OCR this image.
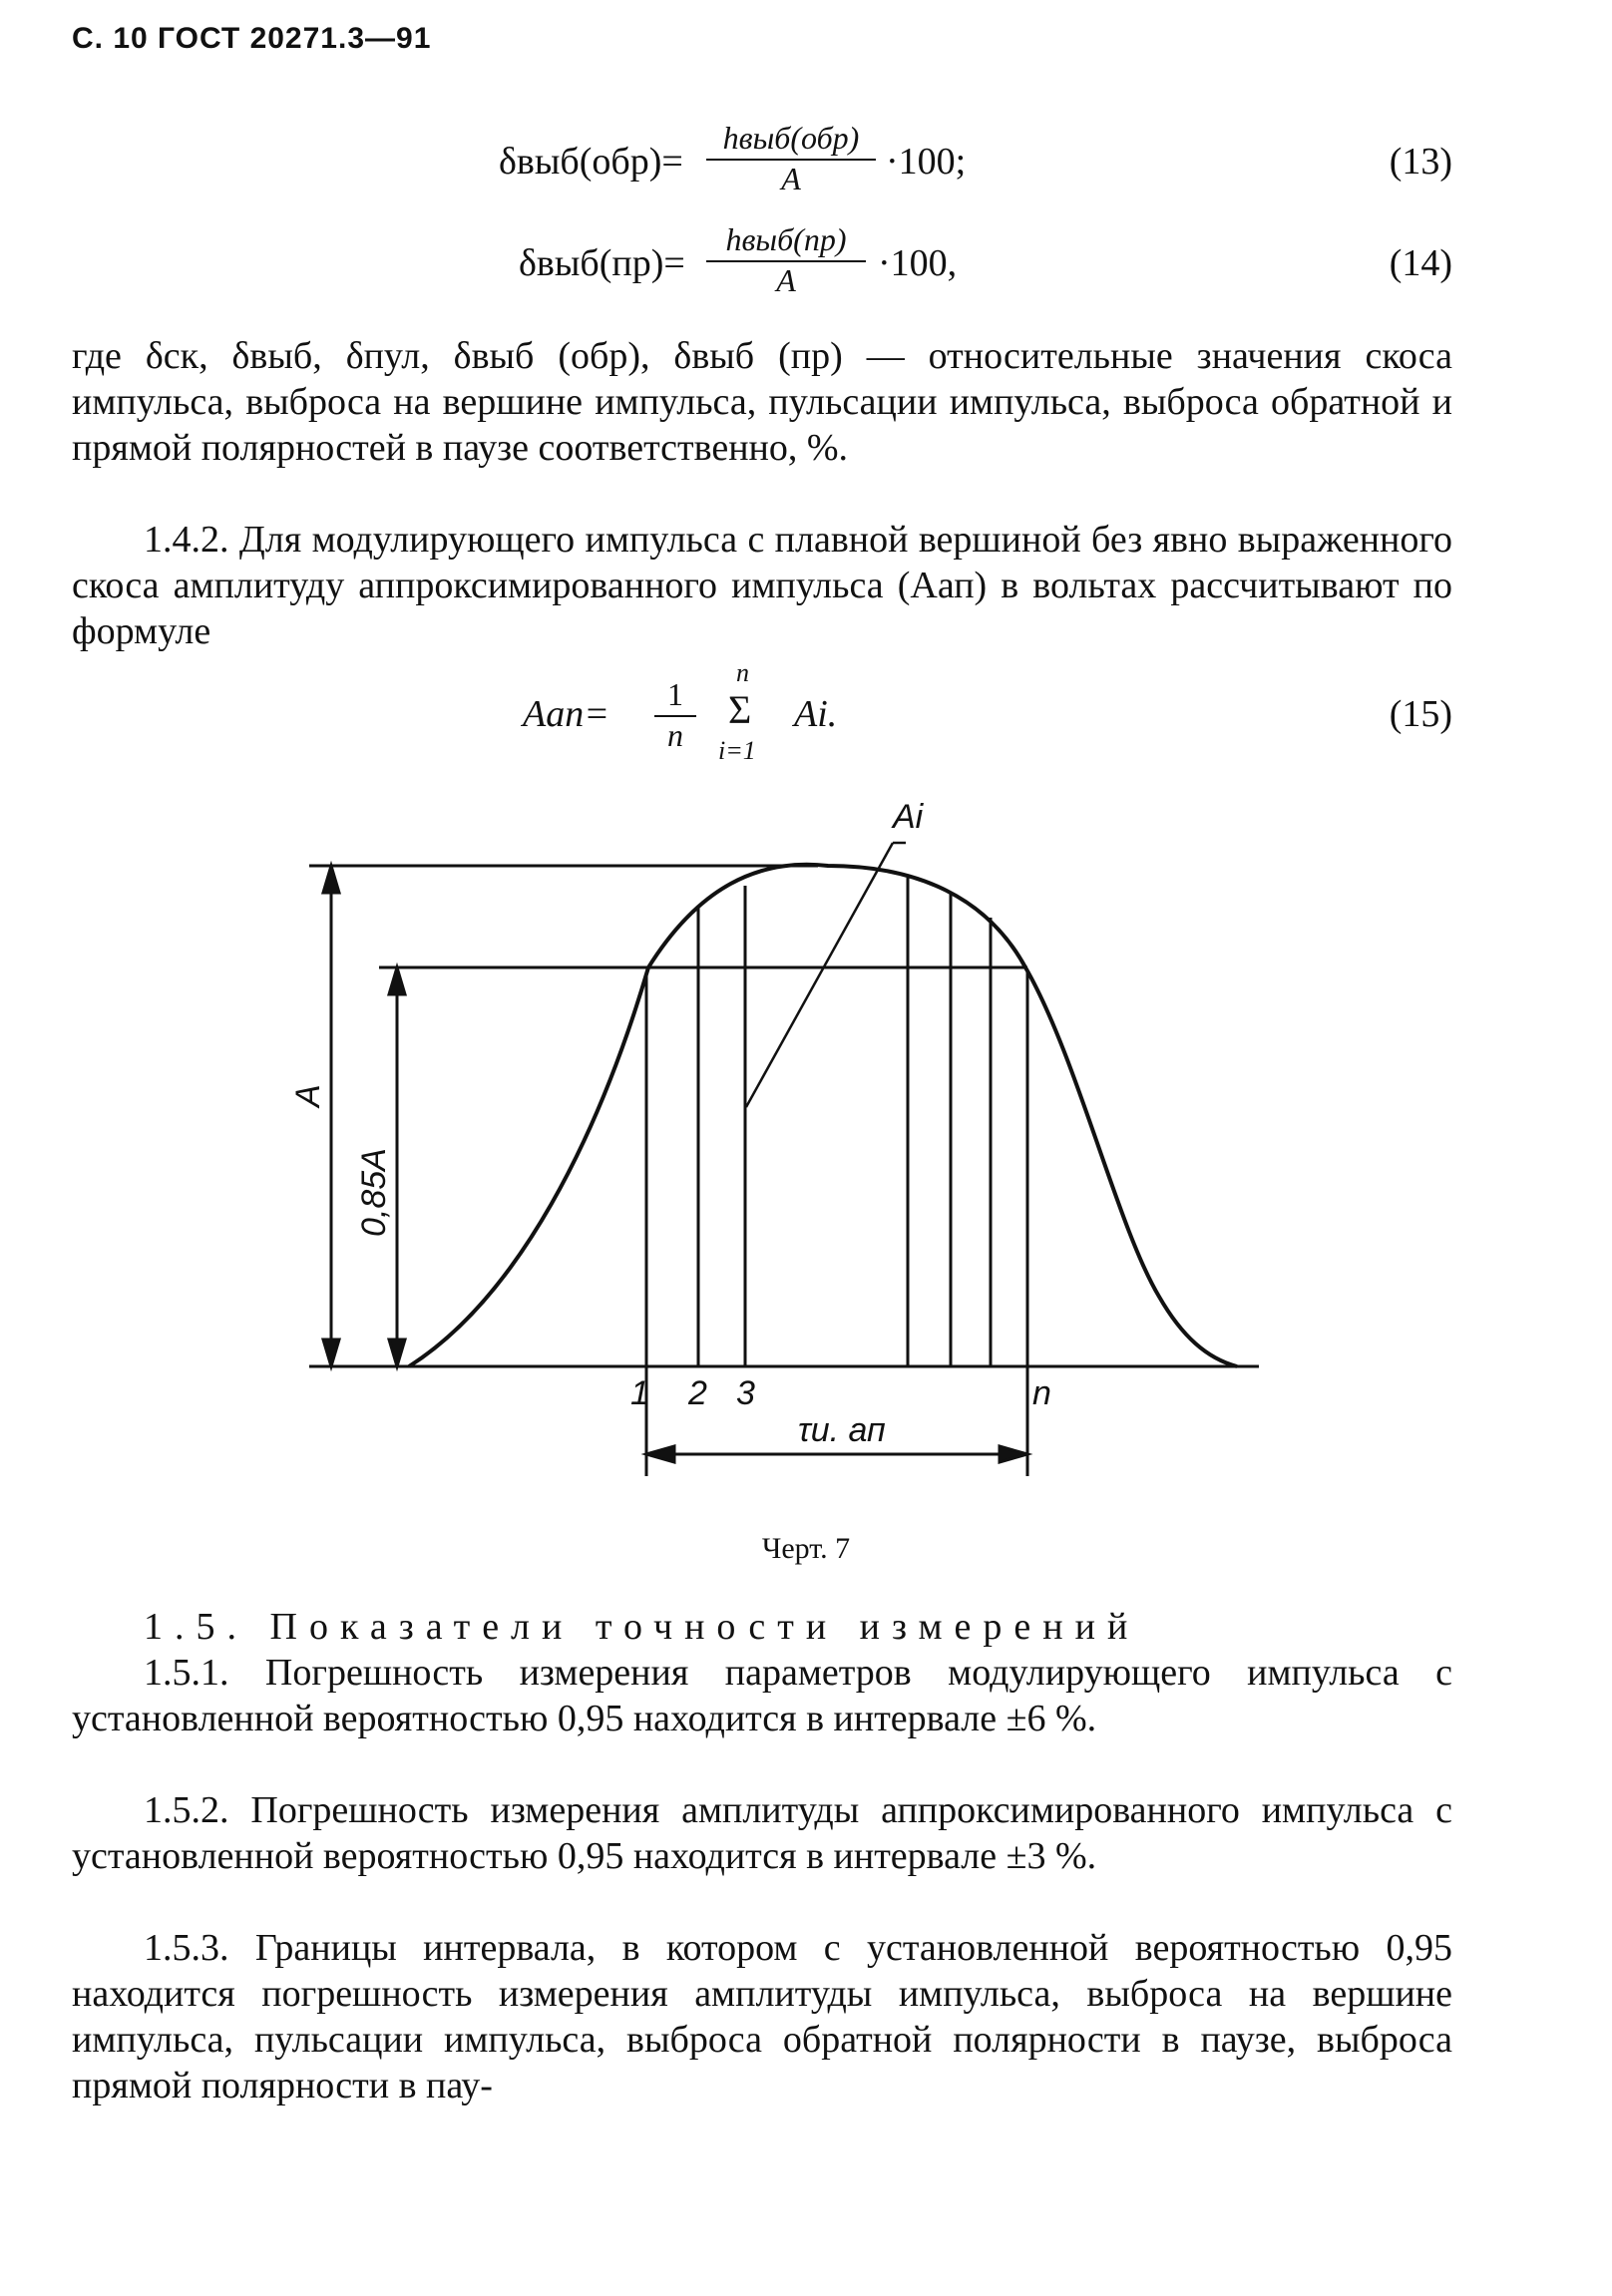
С. 10 ГОСТ 20271.3—91
δвыб(обр)=
hвыб(обр)
A	·100;	(13)
δвыб(пр)=
hвыб(пр)
A	·100,	(14)

где δск, δвыб, δпул, δвыб (обр), δвыб (пр) — относительные значения скоса импульса, выброса на вершине импульса, пульсации импульса, выброса обратной и прямой полярностей в паузе соответственно, %.

1.4.2. Для модулирующего импульса с плавной вершиной без явно выраженного скоса амплитуду аппроксимированного импульса (Aап) в вольтах рассчитывают по формуле

$Aап= \frac{1}{n}$
n
Σ
i=1
Ai.	(15)
Ai
A
0,85A
1 2 3	n
τи. ап
Черт. 7

1.5. Показатели точности измерений

1.5.1. Погрешность измерения параметров модулирующего импульса с установленной вероятностью 0,95 находится в интервале ±6 %.

1.5.2. Погрешность измерения амплитуды аппроксимированного импульса с установленной вероятностью 0,95 находится в интервале ±3 %.

1.5.3. Границы интервала, в котором с установленной вероятностью 0,95 находится погрешность измерения амплитуды импульса, выброса на вершине импульса, пульсации импульса, выброса обратной полярности в паузе, выброса прямой полярности в пау-
